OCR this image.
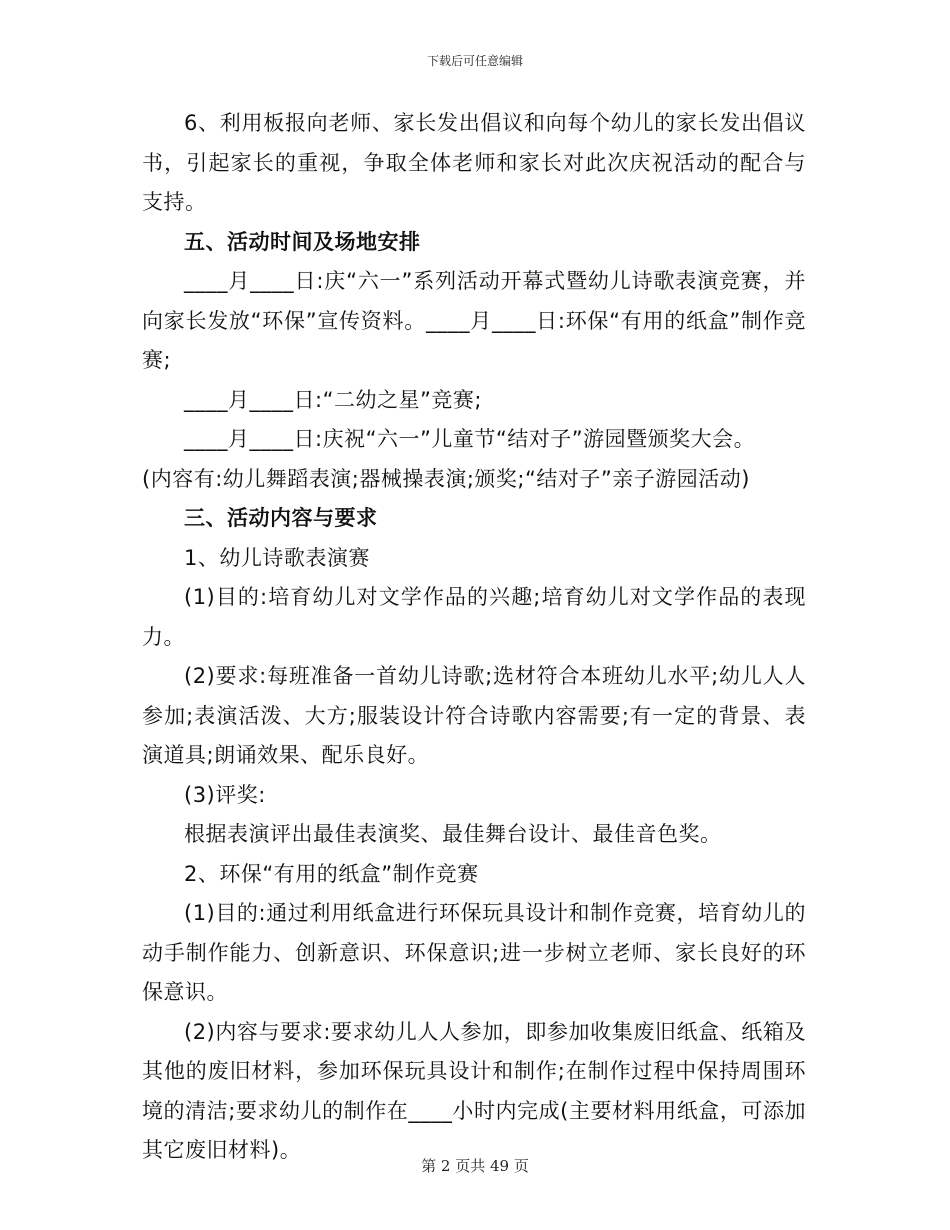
下载后可任意编辑

6、利用板报向老师、家长发出倡议和向每个幼儿的家长发出倡议书，引起家长的重视，争取全体老师和家长对此次庆祝活动的配合与支持。

五、活动时间及场地安排

____月____日:庆“六一”系列活动开幕式暨幼儿诗歌表演竞赛，并向家长发放“环保”宣传资料。____月____日:环保“有用的纸盒”制作竞赛;

____月____日:“二幼之星”竞赛;

____月____日:庆祝“六一”儿童节“结对子”游园暨颁奖大会。

(内容有:幼儿舞蹈表演;器械操表演;颁奖;“结对子”亲子游园活动)

三、活动内容与要求

1、幼儿诗歌表演赛

(1)目的:培育幼儿对文学作品的兴趣;培育幼儿对文学作品的表现力。

(2)要求:每班准备一首幼儿诗歌;选材符合本班幼儿水平;幼儿人人参加;表演活泼、大方;服装设计符合诗歌内容需要;有一定的背景、表演道具;朗诵效果、配乐良好。

(3)评奖:

根据表演评出最佳表演奖、最佳舞台设计、最佳音色奖。

2、环保“有用的纸盒”制作竞赛

(1)目的:通过利用纸盒进行环保玩具设计和制作竞赛，培育幼儿的动手制作能力、创新意识、环保意识;进一步树立老师、家长良好的环保意识。

(2)内容与要求:要求幼儿人人参加，即参加收集废旧纸盒、纸箱及其他的废旧材料，参加环保玩具设计和制作;在制作过程中保持周围环境的清洁;要求幼儿的制作在____小时内完成(主要材料用纸盒，可添加其它废旧材料)。

第 2 页共 49 页
